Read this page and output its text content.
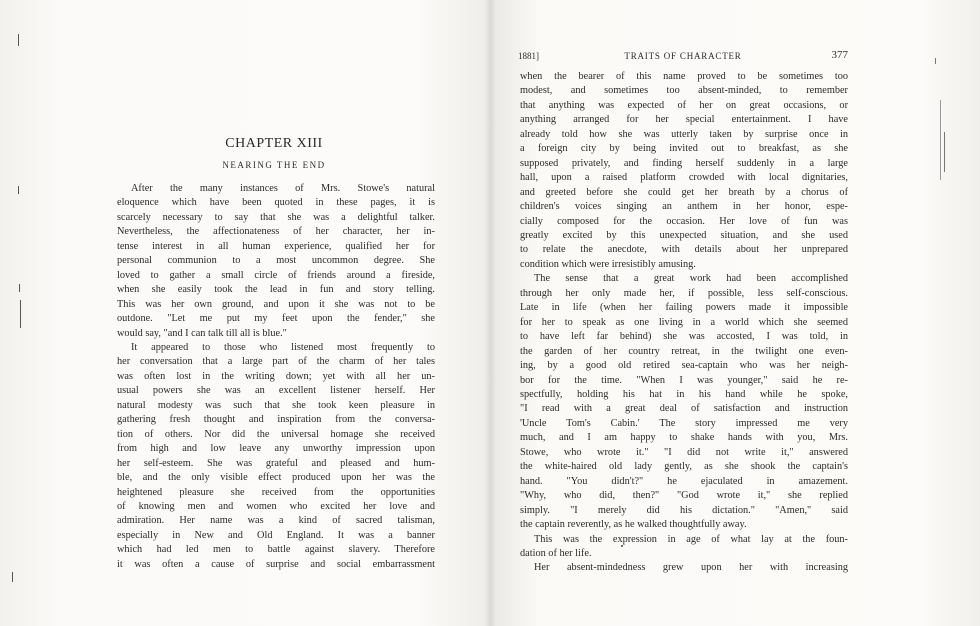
CHAPTER XIII
NEARING THE END
After the many instances of Mrs. Stowe's natural
eloquence which have been quoted in these pages, it is
scarcely necessary to say that she was a delightful talker.
Nevertheless, the affectionateness of her character, her in-
tense interest in all human experience, qualified her for
personal communion to a most uncommon degree. She
loved to gather a small circle of friends around a fireside,
when she easily took the lead in fun and story telling.
This was her own ground, and upon it she was not to be
outdone. "Let me put my feet upon the fender," she
would say, "and I can talk till all is blue."
It appeared to those who listened most frequently to
her conversation that a large part of the charm of her tales
was often lost in the writing down; yet with all her un-
usual powers she was an excellent listener herself. Her
natural modesty was such that she took keen pleasure in
gathering fresh thought and inspiration from the conversa-
tion of others. Nor did the universal homage she received
from high and low leave any unworthy impression upon
her self-esteem. She was grateful and pleased and hum-
ble, and the only visible effect produced upon her was the
heightened pleasure she received from the opportunities
of knowing men and women who excited her love and
admiration. Her name was a kind of sacred talisman,
especially in New and Old England. It was a banner
which had led men to battle against slavery. Therefore
it was often a cause of surprise and social embarrassment
TRAITS OF CHARACTER
1881]	377
when the bearer of this name proved to be sometimes too
modest, and sometimes too absent-minded, to remember
that anything was expected of her on great occasions, or
anything arranged for her special entertainment. I have
already told how she was utterly taken by surprise once in
a foreign city by being invited out to breakfast, as she
supposed privately, and finding herself suddenly in a large
hall, upon a raised platform crowded with local dignitaries,
and greeted before she could get her breath by a chorus of
children's voices singing an anthem in her honor, espe-
cially composed for the occasion. Her love of fun was
greatly excited by this unexpected situation, and she used
to relate the anecdote, with details about her unprepared
condition which were irresistibly amusing.
The sense that a great work had been accomplished
through her only made her, if possible, less self-conscious.
Late in life (when her failing powers made it impossible
for her to speak as one living in a world which she seemed
to have left far behind) she was accosted, I was told, in
the garden of her country retreat, in the twilight one even-
ing, by a good old retired sea-captain who was her neigh-
bor for the time. "When I was younger," said he re-
spectfully, holding his hat in his hand while he spoke,
"I read with a great deal of satisfaction and instruction
'Uncle Tom's Cabin.' The story impressed me very
much, and I am happy to shake hands with you, Mrs.
Stowe, who wrote it." "I did not write it," answered
the white-haired old lady gently, as she shook the captain's
hand. "You didn't?" he ejaculated in amazement.
"Why, who did, then?" "God wrote it," she replied
simply. "I merely did his dictation." "Amen," said
the captain reverently, as he walked thoughtfully away.
This was the expression in age of what lay at the foun-
dation of her life.
Her absent-mindedness grew upon her with increasing
